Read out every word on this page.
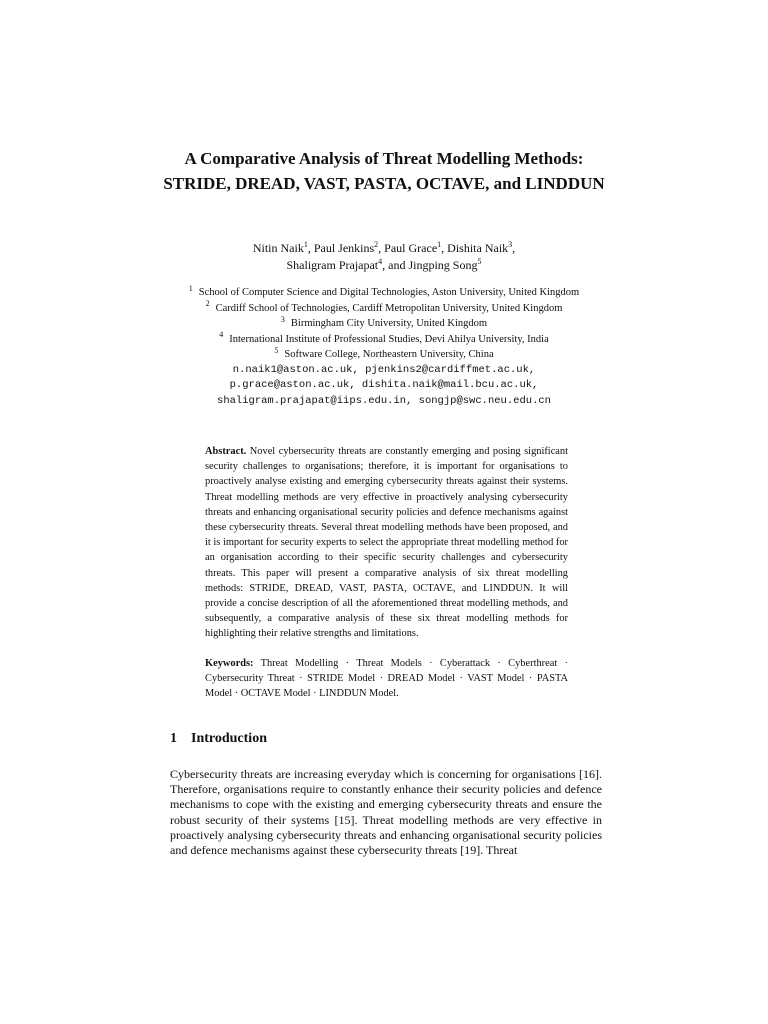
A Comparative Analysis of Threat Modelling Methods: STRIDE, DREAD, VAST, PASTA, OCTAVE, and LINDDUN
Nitin Naik$^1$, Paul Jenkins$^2$, Paul Grace$^1$, Dishita Naik$^3$,
Shaligram Prajapat$^4$, and Jingping Song$^5$
$^1$ School of Computer Science and Digital Technologies, Aston University, United Kingdom
$^2$ Cardiff School of Technologies, Cardiff Metropolitan University, United Kingdom
$^3$ Birmingham City University, United Kingdom
$^4$ International Institute of Professional Studies, Devi Ahilya University, India
$^5$ Software College, Northeastern University, China
n.naik1@aston.ac.uk, pjenkins2@cardiffmet.ac.uk,
p.grace@aston.ac.uk, dishita.naik@mail.bcu.ac.uk,
shaligram.prajapat@iips.edu.in, songjp@swc.neu.edu.cn
Abstract. Novel cybersecurity threats are constantly emerging and posing significant security challenges to organisations; therefore, it is important for organisations to proactively analyse existing and emerging cybersecurity threats against their systems. Threat modelling methods are very effective in proactively analysing cybersecurity threats and enhancing organisational security policies and defence mechanisms against these cybersecurity threats. Several threat modelling methods have been proposed, and it is important for security experts to select the appropriate threat modelling method for an organisation according to their specific security challenges and cybersecurity threats. This paper will present a comparative analysis of six threat modelling methods: STRIDE, DREAD, VAST, PASTA, OCTAVE, and LINDDUN. It will provide a concise description of all the aforementioned threat modelling methods, and subsequently, a comparative analysis of these six threat modelling methods for highlighting their relative strengths and limitations.
Keywords: Threat Modelling · Threat Models · Cyberattack · Cyberthreat · Cybersecurity Threat · STRIDE Model · DREAD Model · VAST Model · PASTA Model · OCTAVE Model · LINDDUN Model.
1 Introduction
Cybersecurity threats are increasing everyday which is concerning for organisations [16]. Therefore, organisations require to constantly enhance their security policies and defence mechanisms to cope with the existing and emerging cybersecurity threats and ensure the robust security of their systems [15]. Threat modelling methods are very effective in proactively analysing cybersecurity threats and enhancing organisational security policies and defence mechanisms against these cybersecurity threats [19]. Threat
